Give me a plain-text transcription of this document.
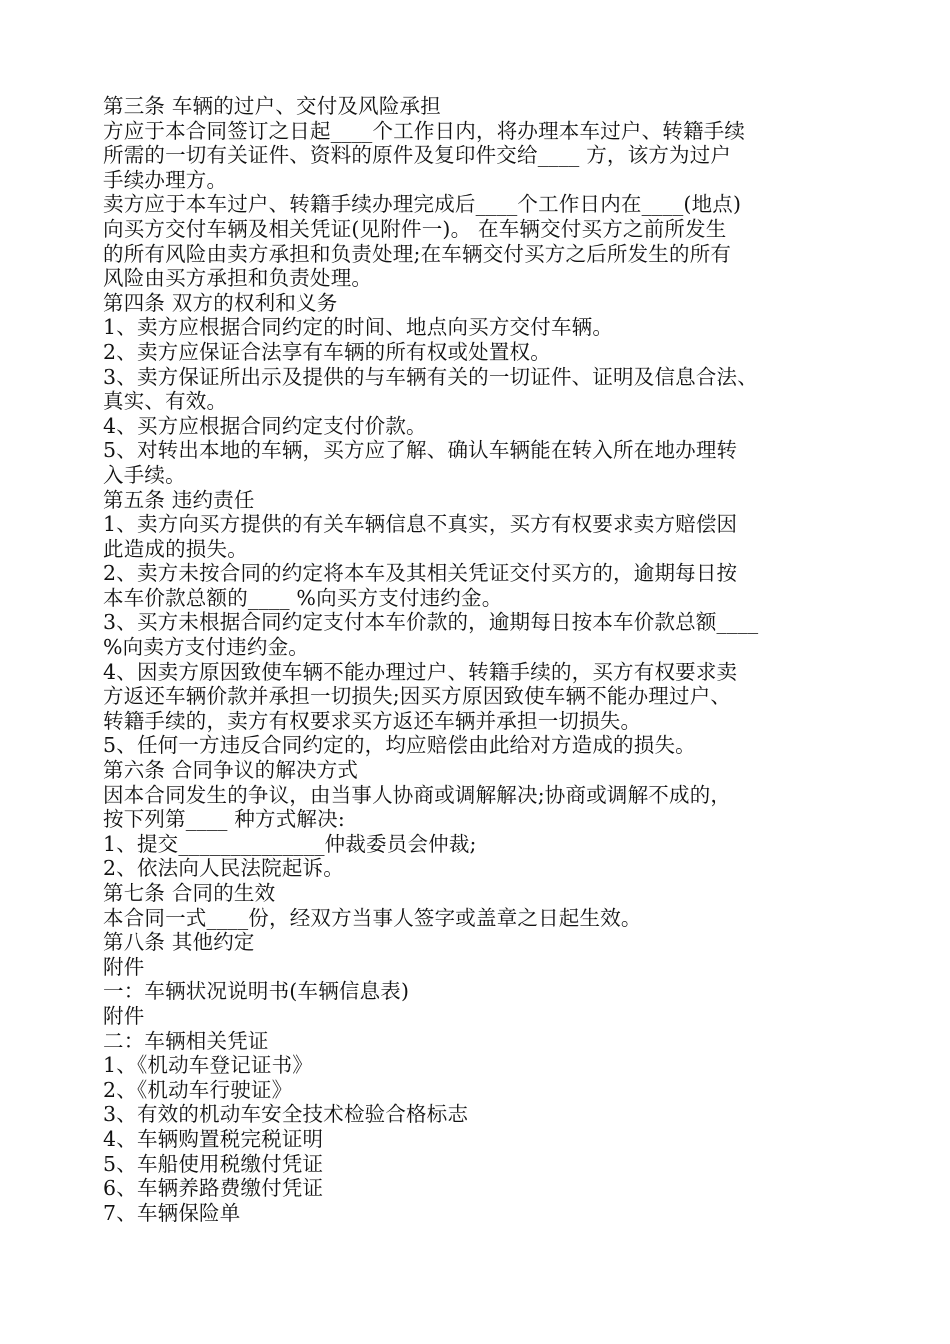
第三条 车辆的过户、交付及风险承担
方应于本合同签订之日起____个工作日内，将办理本车过户、转籍手续
所需的一切有关证件、资料的原件及复印件交给____ 方，该方为过户
手续办理方。
卖方应于本车过户、转籍手续办理完成后____个工作日内在____(地点)
向买方交付车辆及相关凭证(见附件一)。 在车辆交付买方之前所发生
的所有风险由卖方承担和负责处理;在车辆交付买方之后所发生的所有
风险由买方承担和负责处理。
第四条 双方的权利和义务
1、卖方应根据合同约定的时间、地点向买方交付车辆。
2、卖方应保证合法享有车辆的所有权或处置权。
3、卖方保证所出示及提供的与车辆有关的一切证件、证明及信息合法、
真实、有效。
4、买方应根据合同约定支付价款。
5、对转出本地的车辆，买方应了解、确认车辆能在转入所在地办理转
入手续。
第五条 违约责任
1、卖方向买方提供的有关车辆信息不真实，买方有权要求卖方赔偿因
此造成的损失。
2、卖方未按合同的约定将本车及其相关凭证交付买方的，逾期每日按
本车价款总额的____ %向买方支付违约金。
3、买方未根据合同约定支付本车价款的，逾期每日按本车价款总额____
%向卖方支付违约金。
4、因卖方原因致使车辆不能办理过户、转籍手续的，买方有权要求卖
方返还车辆价款并承担一切损失;因买方原因致使车辆不能办理过户、
转籍手续的，卖方有权要求买方返还车辆并承担一切损失。
5、任何一方违反合同约定的，均应赔偿由此给对方造成的损失。
第六条 合同争议的解决方式
因本合同发生的争议，由当事人协商或调解解决;协商或调解不成的，
按下列第____ 种方式解决:
1、提交______________仲裁委员会仲裁;
2、依法向人民法院起诉。
第七条 合同的生效
本合同一式____份，经双方当事人签字或盖章之日起生效。
第八条 其他约定
附件
一：车辆状况说明书(车辆信息表)
附件
二：车辆相关凭证
1、《机动车登记证书》
2、《机动车行驶证》
3、有效的机动车安全技术检验合格标志
4、车辆购置税完税证明
5、车船使用税缴付凭证
6、车辆养路费缴付凭证
7、车辆保险单
